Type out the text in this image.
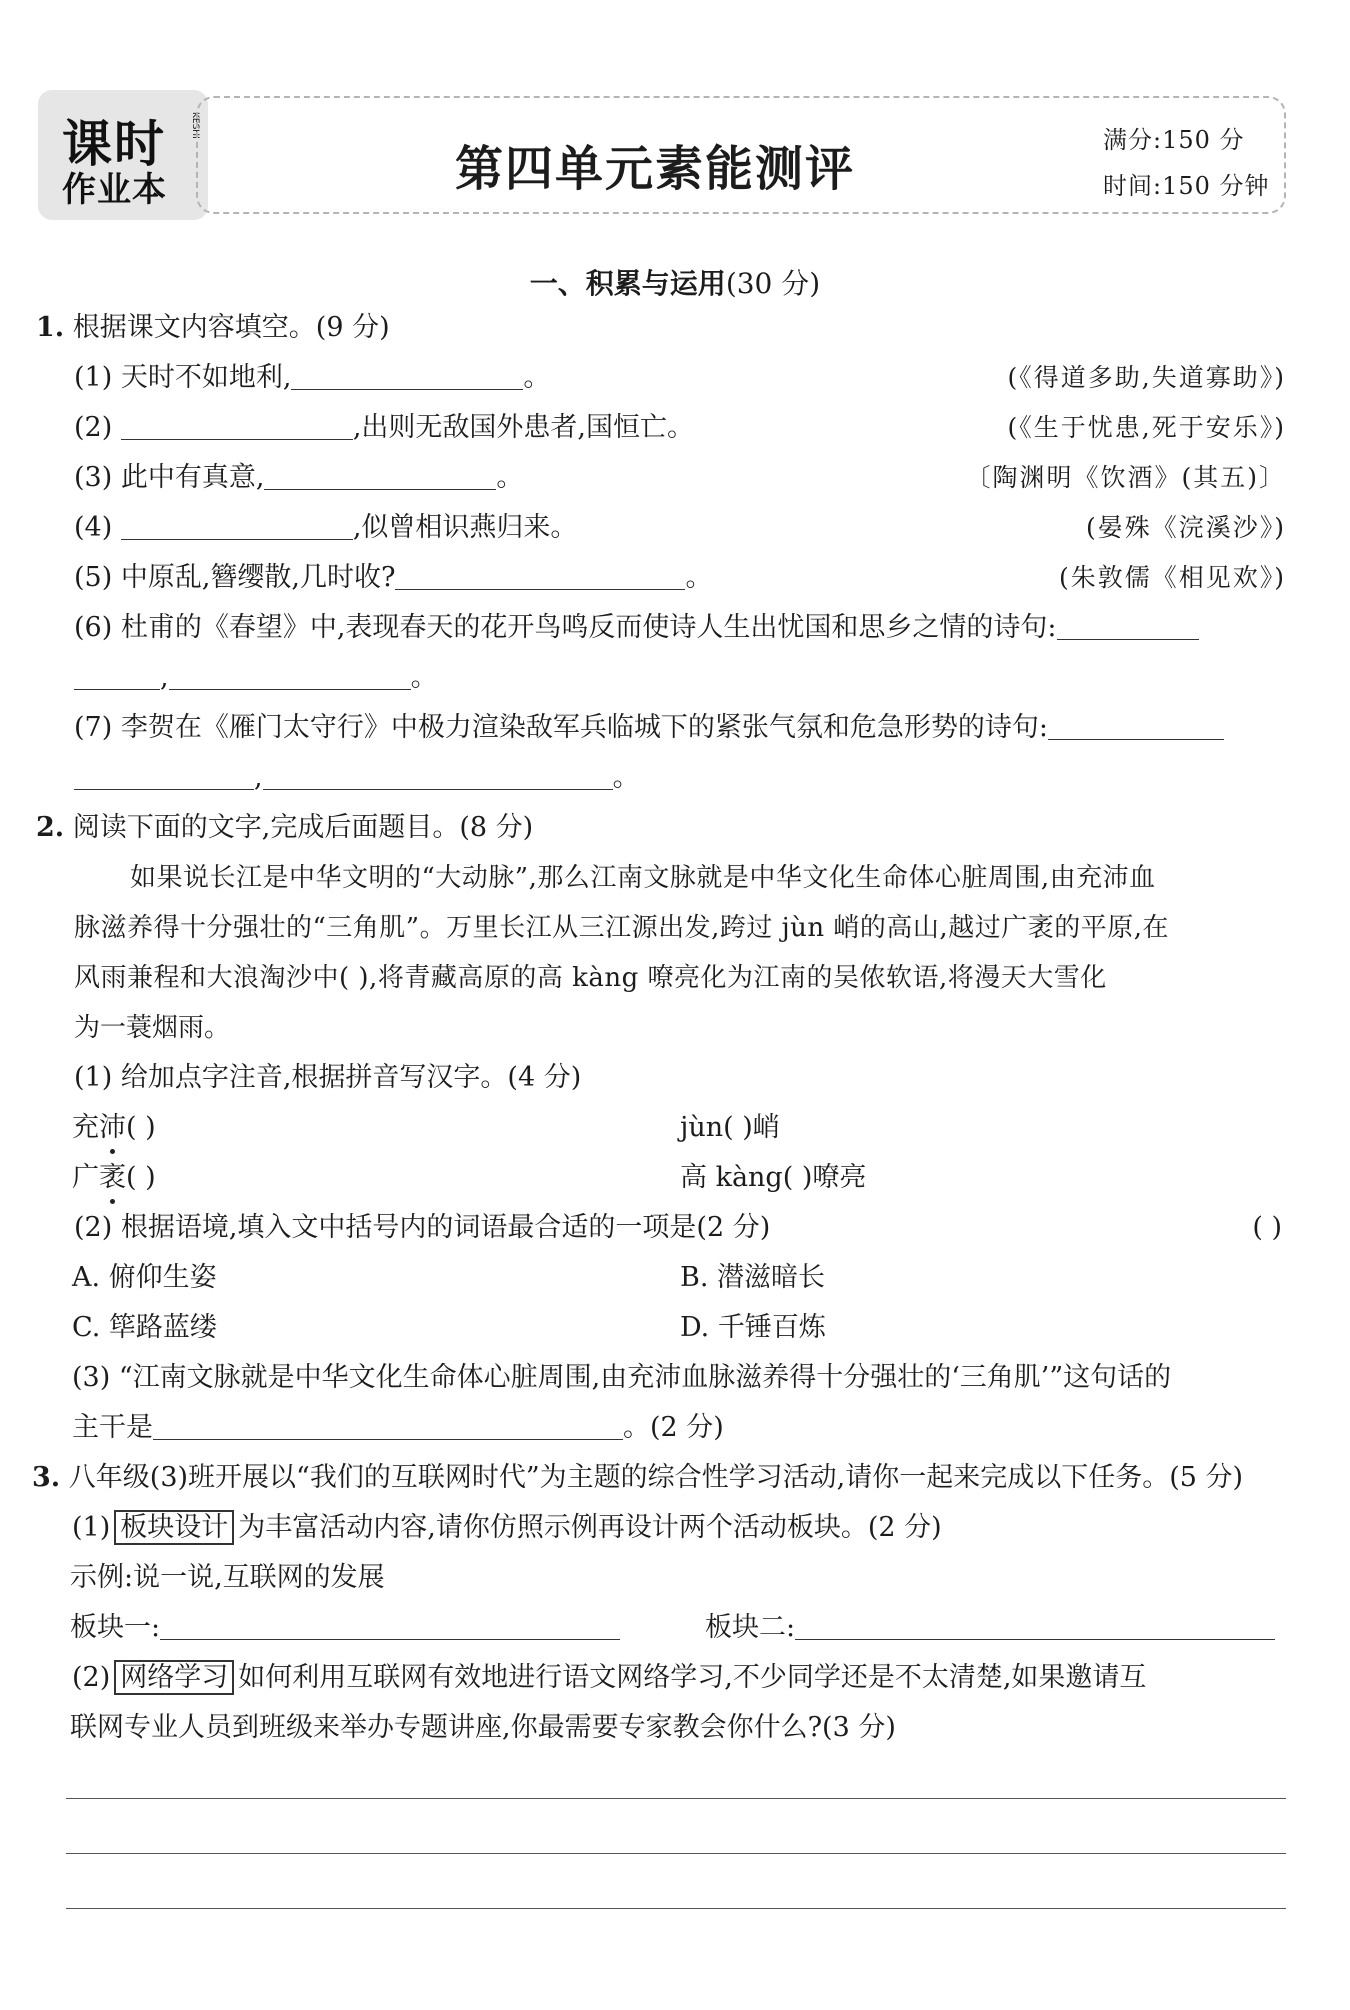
课时
作业本
KESHI
第四单元素能测评
满分:150 分
时间:150 分钟
一、积累与运用(30 分)
1. 根据课文内容填空。(9 分)
(1) 天时不如地利,	。	(《得道多助,失道寡助》)
(2)	,出则无敌国外患者,国恒亡。	(《生于忧患,死于安乐》)
(3) 此中有真意,	。	〔陶渊明《饮酒》(其五)〕
(4)	,似曾相识燕归来。	(晏殊《浣溪沙》)
(5) 中原乱,簪缨散,几时收?	。	(朱敦儒《相见欢》)
(6) 杜甫的《春望》中,表现春天的花开鸟鸣反而使诗人生出忧国和思乡之情的诗句:
,	。
(7) 李贺在《雁门太守行》中极力渲染敌军兵临城下的紧张气氛和危急形势的诗句:
,	。
2. 阅读下面的文字,完成后面题目。(8 分)
如果说长江是中华文明的“大动脉”,那么江南文脉就是中华文化生命体心脏周围,由充沛血
脉滋养得十分强壮的“三角肌”。万里长江从三江源出发,跨过 jùn 峭的高山,越过广袤的平原,在
风雨兼程和大浪淘沙中( ),将青藏高原的高 kàng 嘹亮化为江南的吴侬软语,将漫天大雪化
为一蓑烟雨。
(1) 给加点字注音,根据拼音写汉字。(4 分)
充沛( )	jùn( )峭
广袤( )	高 kàng( )嘹亮
(2) 根据语境,填入文中括号内的词语最合适的一项是(2 分)	( )
A. 俯仰生姿	B. 潜滋暗长
C. 筚路蓝缕	D. 千锤百炼
(3) “江南文脉就是中华文化生命体心脏周围,由充沛血脉滋养得十分强壮的‘三角肌’”这句话的
主干是	。(2 分)
3. 八年级(3)班开展以“我们的互联网时代”为主题的综合性学习活动,请你一起来完成以下任务。(5 分)
(1) 板块设计 为丰富活动内容,请你仿照示例再设计两个活动板块。(2 分)
示例:说一说,互联网的发展
板块一:	板块二:
(2) 网络学习 如何利用互联网有效地进行语文网络学习,不少同学还是不太清楚,如果邀请互
联网专业人员到班级来举办专题讲座,你最需要专家教会你什么?(3 分)
